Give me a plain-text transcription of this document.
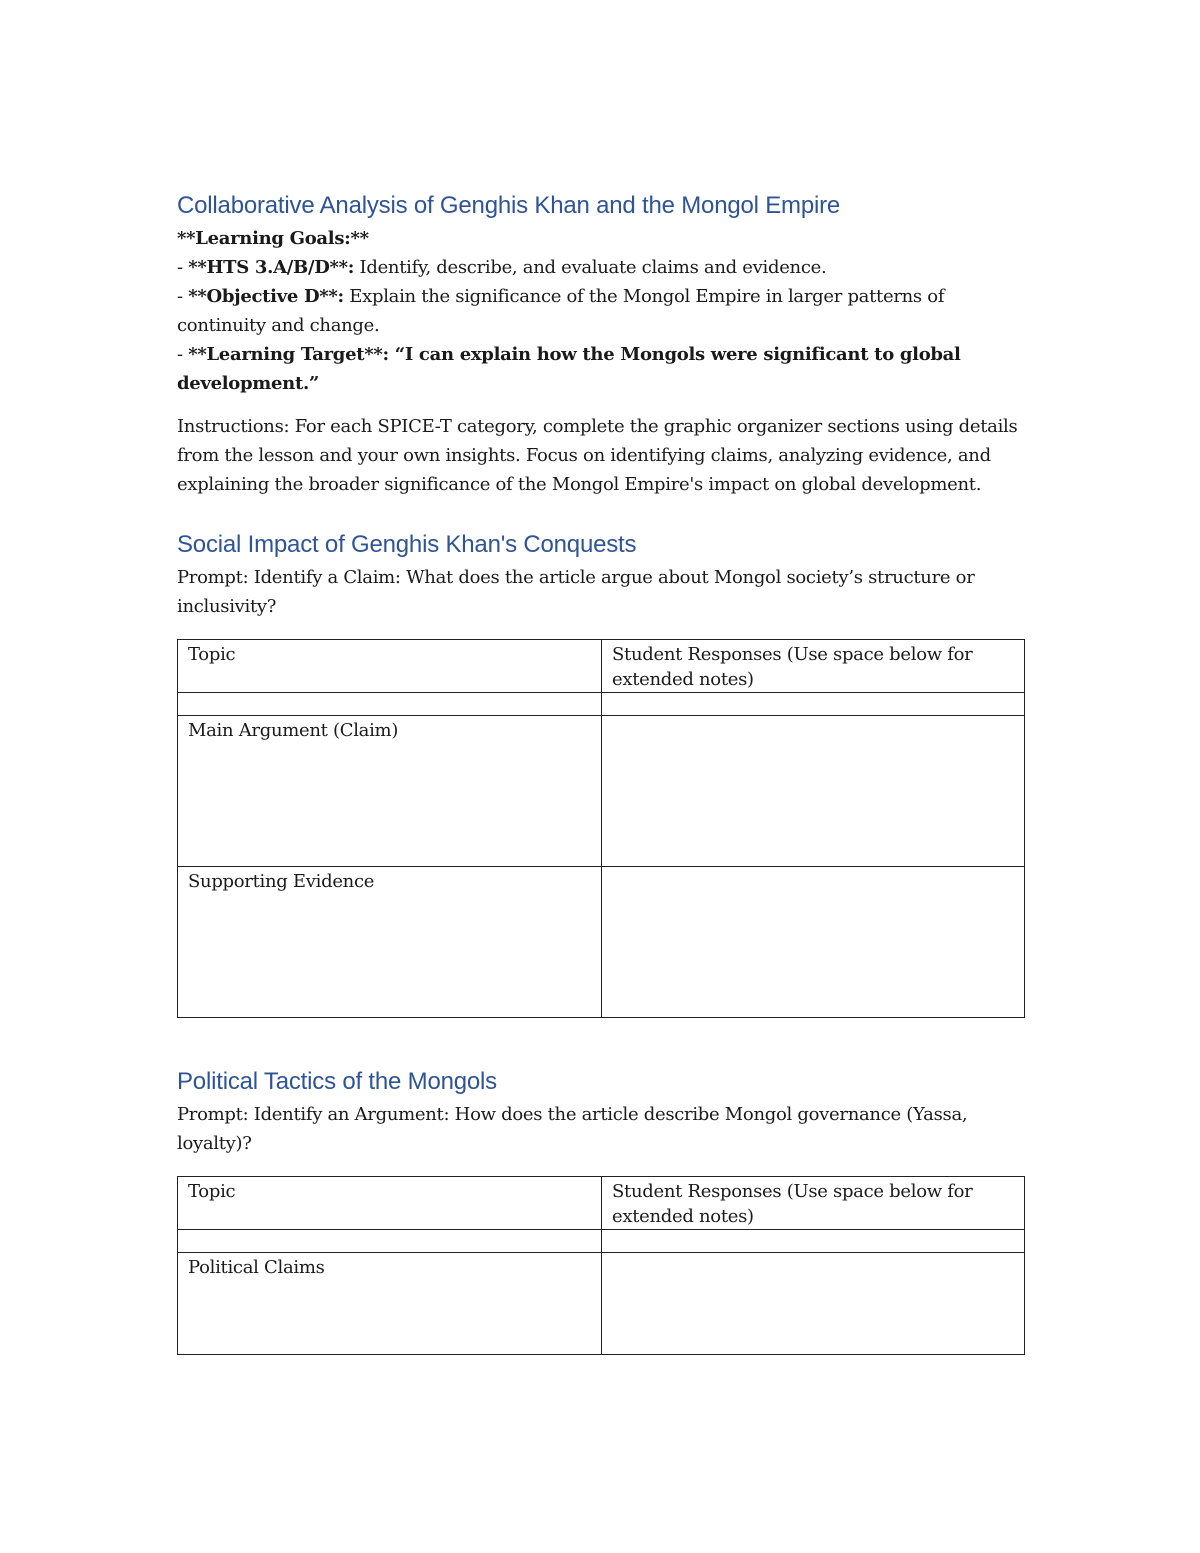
Collaborative Analysis of Genghis Khan and the Mongol Empire

**Learning Goals:**

- **HTS 3.A/B/D**: Identify, describe, and evaluate claims and evidence.

- **Objective D**: Explain the significance of the Mongol Empire in larger patterns of continuity and change.

- **Learning Target**: “I can explain how the Mongols were significant to global development.”

Instructions: For each SPICE-T category, complete the graphic organizer sections using details from the lesson and your own insights. Focus on identifying claims, analyzing evidence, and explaining the broader significance of the Mongol Empire's impact on global development.

Social Impact of Genghis Khan's Conquests

Prompt: Identify a Claim: What does the article argue about Mongol society’s structure or inclusivity?

Topic	Student Responses (Use space below for extended notes)

Main Argument (Claim)	
Supporting Evidence	
Political Tactics of the Mongols

Prompt: Identify an Argument: How does the article describe Mongol governance (Yassa, loyalty)?

Topic	Student Responses (Use space below for extended notes)

Political Claims	
